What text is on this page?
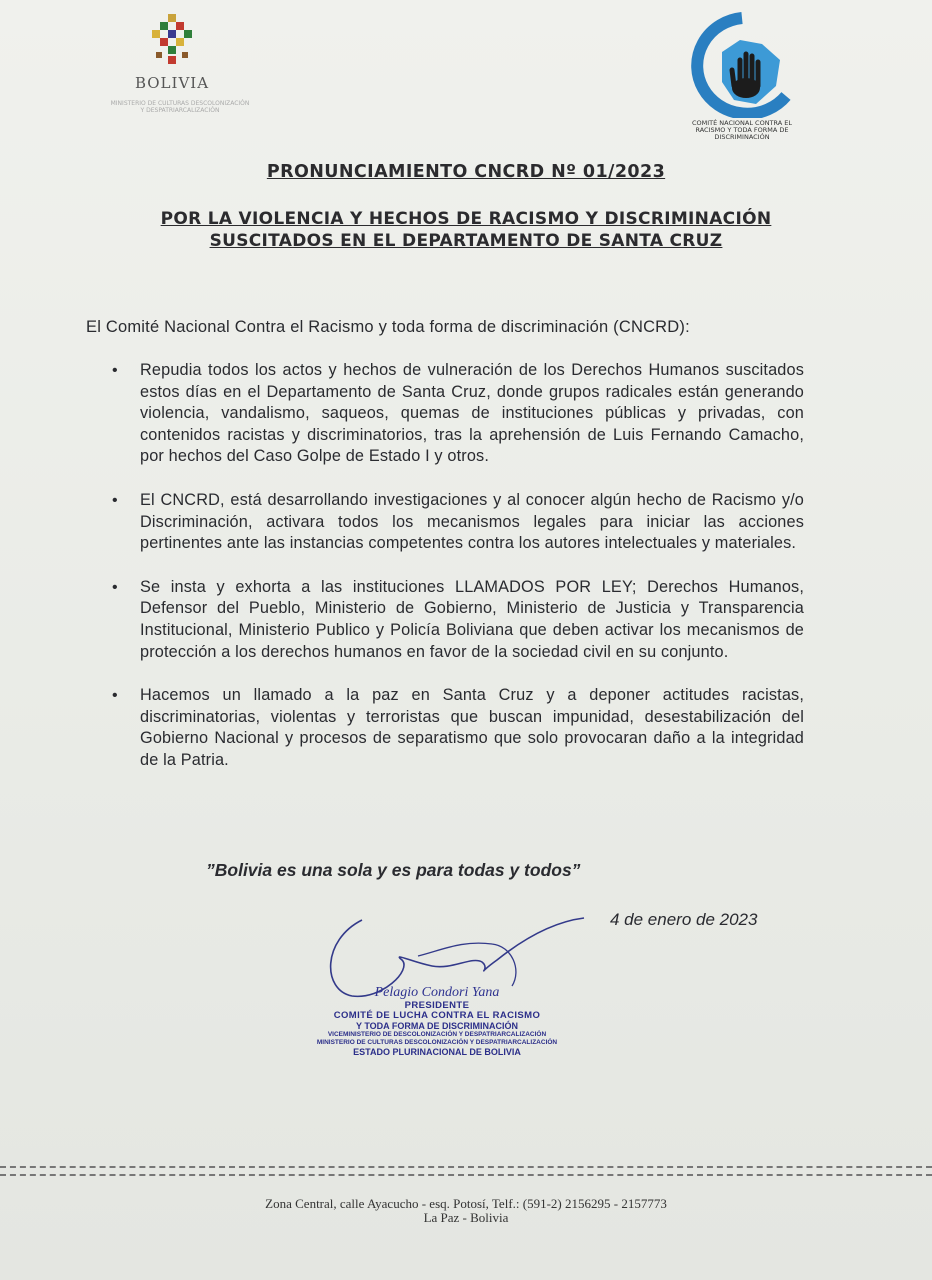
BOLIVIA
MINISTERIO DE CULTURAS DESCOLONIZACIÓN Y DESPATRIARCALIZACIÓN
COMITÉ NACIONAL CONTRA EL RACISMO Y TODA FORMA DE DISCRIMINACIÓN
PRONUNCIAMIENTO CNCRD Nº 01/2023
POR LA VIOLENCIA Y HECHOS DE RACISMO Y DISCRIMINACIÓN
SUSCITADOS EN EL DEPARTAMENTO DE SANTA CRUZ
El Comité Nacional Contra el Racismo y toda forma de discriminación (CNCRD):
• Repudia todos los actos y hechos de vulneración de los Derechos Humanos suscitados estos días en el Departamento de Santa Cruz, donde grupos radicales están generando violencia, vandalismo, saqueos, quemas de instituciones públicas y privadas, con contenidos racistas y discriminatorios, tras la aprehensión de Luis Fernando Camacho, por hechos del Caso Golpe de Estado I y otros.
• El CNCRD, está desarrollando investigaciones y al conocer algún hecho de Racismo y/o Discriminación, activara todos los mecanismos legales para iniciar las acciones pertinentes ante las instancias competentes contra los autores intelectuales y materiales.
• Se insta y exhorta a las instituciones LLAMADOS POR LEY; Derechos Humanos, Defensor del Pueblo, Ministerio de Gobierno, Ministerio de Justicia y Transparencia Institucional, Ministerio Publico y Policía Boliviana que deben activar los mecanismos de protección a los derechos humanos en favor de la sociedad civil en su conjunto.
• Hacemos un llamado a la paz en Santa Cruz y a deponer actitudes racistas, discriminatorias, violentas y terroristas que buscan impunidad, desestabilización del Gobierno Nacional y procesos de separatismo que solo provocaran daño a la integridad de la Patria.
”Bolivia es una sola y es para todas y todos”
4 de enero de 2023
Pelagio Condori Yana
PRESIDENTE
COMITÉ DE LUCHA CONTRA EL RACISMO
Y TODA FORMA DE DISCRIMINACIÓN
VICEMINISTERIO DE DESCOLONIZACIÓN Y DESPATRIARCALIZACIÓN
MINISTERIO DE CULTURAS DESCOLONIZACIÓN Y DESPATRIARCALIZACIÓN
ESTADO PLURINACIONAL DE BOLIVIA
Zona Central, calle Ayacucho - esq. Potosí, Telf.: (591-2) 2156295 - 2157773
La Paz - Bolivia
